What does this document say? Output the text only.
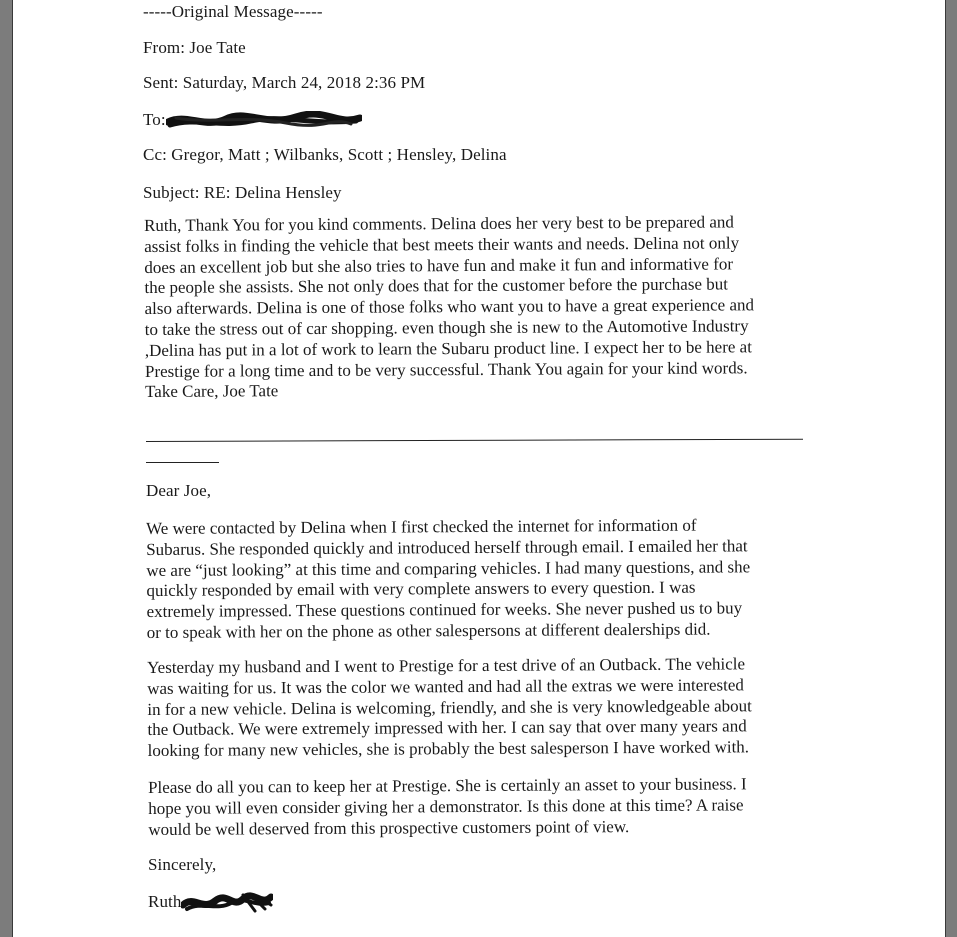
-----Original Message-----

From: Joe Tate

Sent: Saturday, March 24, 2018 2:36 PM

To:

Cc: Gregor, Matt ; Wilbanks, Scott ; Hensley, Delina

Subject: RE: Delina Hensley

Ruth, Thank You for you kind comments. Delina does her very best to be prepared and
assist folks in finding the vehicle that best meets their wants and needs. Delina not only
does an excellent job but she also tries to have fun and make it fun and informative for
the people she assists. She not only does that for the customer before the purchase but
also afterwards. Delina is one of those folks who want you to have a great experience and
to take the stress out of car shopping. even though she is new to the Automotive Industry
,Delina has put in a lot of work to learn the Subaru product line. I expect her to be here at
Prestige for a long time and to be very successful. Thank You again for your kind words.
Take Care, Joe Tate

Dear Joe,

We were contacted by Delina when I first checked the internet for information of
Subarus. She responded quickly and introduced herself through email. I emailed her that
we are “just looking” at this time and comparing vehicles. I had many questions, and she
quickly responded by email with very complete answers to every question. I was
extremely impressed. These questions continued for weeks. She never pushed us to buy
or to speak with her on the phone as other salespersons at different dealerships did.
Yesterday my husband and I went to Prestige for a test drive of an Outback. The vehicle
was waiting for us. It was the color we wanted and had all the extras we were interested
in for a new vehicle. Delina is welcoming, friendly, and she is very knowledgeable about
the Outback. We were extremely impressed with her. I can say that over many years and
looking for many new vehicles, she is probably the best salesperson I have worked with.
Please do all you can to keep her at Prestige. She is certainly an asset to your business. I
hope you will even consider giving her a demonstrator. Is this done at this time? A raise
would be well deserved from this prospective customers point of view.

Sincerely,

Ruth
